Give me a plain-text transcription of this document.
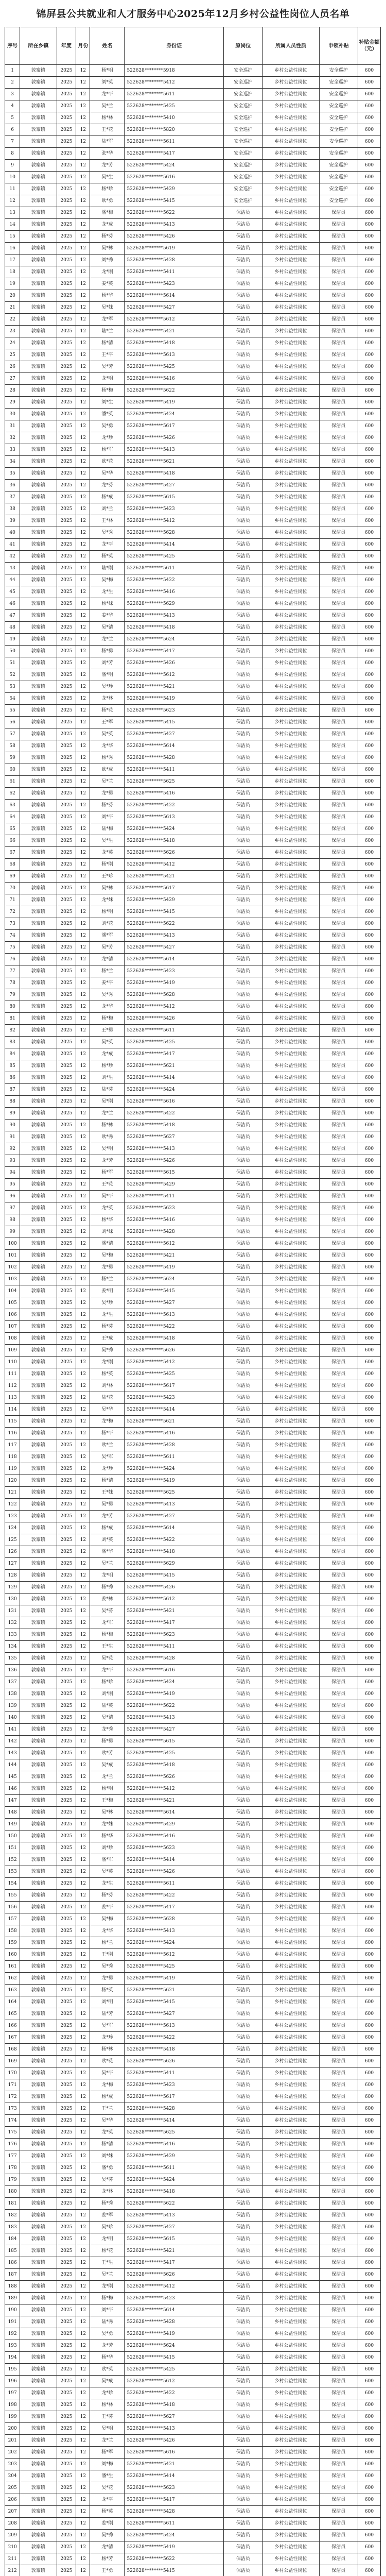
锦屏县公共就业和人才服务中心2025年12月乡村公益性岗位人员名单
序号	所在乡镇	年度	月份	姓名	身份证	原岗位	所属人员性质	申领补贴	补贴金额（元）
1	敦寨镇	2025	12	杨*明	522628********5918	安全巡护	乡村公益性岗位	安全巡护	600
2	敦寨镇	2025	12	刘*英	522628********5412	安全巡护	乡村公益性岗位	安全巡护	600
3	敦寨镇	2025	12	龙*平	522628********5611	安全巡护	乡村公益性岗位	安全巡护	600
4	敦寨镇	2025	12	吴*兰	522628********5425	安全巡护	乡村公益性岗位	安全巡护	600
5	敦寨镇	2025	12	杨*林	522628********5410	安全巡护	乡村公益性岗位	安全巡护	600
6	敦寨镇	2025	12	王*花	522628********5820	安全巡护	乡村公益性岗位	安全巡护	600
7	敦寨镇	2025	12	陆*军	522628********5611	安全巡护	乡村公益性岗位	安全巡护	600
8	敦寨镇	2025	12	张*华	522628********5417	安全巡护	乡村公益性岗位	安全巡护	600
9	敦寨镇	2025	12	龙*芳	522628********5424	安全巡护	乡村公益性岗位	安全巡护	600
10	敦寨镇	2025	12	吴*生	522628********5616	安全巡护	乡村公益性岗位	安全巡护	600
11	敦寨镇	2025	12	杨*珍	522628********5429	安全巡护	乡村公益性岗位	安全巡护	600
12	敦寨镇	2025	12	欧*勇	522628********5415	安全巡护	乡村公益性岗位	安全巡护	600
13	敦寨镇	2025	12	潘*梅	522628********5622	保洁员	乡村公益性岗位	保洁员	600
14	敦寨镇	2025	12	龙*成	522628********5413	保洁员	乡村公益性岗位	保洁员	600
15	敦寨镇	2025	12	杨*芬	522628********5426	保洁员	乡村公益性岗位	保洁员	600
16	敦寨镇	2025	12	吴*林	522628********5619	保洁员	乡村公益性岗位	保洁员	600
17	敦寨镇	2025	12	刘*秀	522628********5428	保洁员	乡村公益性岗位	保洁员	600
18	敦寨镇	2025	12	龙*刚	522628********5411	保洁员	乡村公益性岗位	保洁员	600
19	敦寨镇	2025	12	姜*英	522628********5423	保洁员	乡村公益性岗位	保洁员	600
20	敦寨镇	2025	12	杨*华	522628********5614	保洁员	乡村公益性岗位	保洁员	600
21	敦寨镇	2025	12	吴*妹	522628********5427	保洁员	乡村公益性岗位	保洁员	600
22	敦寨镇	2025	12	龙*军	522628********5612	保洁员	乡村公益性岗位	保洁员	600
23	敦寨镇	2025	12	陆*兰	522628********5421	保洁员	乡村公益性岗位	保洁员	600
24	敦寨镇	2025	12	杨*清	522628********5418	保洁员	乡村公益性岗位	保洁员	600
25	敦寨镇	2025	12	王*平	522628********5613	保洁员	乡村公益性岗位	保洁员	600
26	敦寨镇	2025	12	吴*芳	522628********5425	保洁员	乡村公益性岗位	保洁员	600
27	敦寨镇	2025	12	龙*明	522628********5416	保洁员	乡村公益性岗位	保洁员	600
28	敦寨镇	2025	12	杨*梅	522628********5622	保洁员	乡村公益性岗位	保洁员	600
29	敦寨镇	2025	12	刘*生	522628********5419	保洁员	乡村公益性岗位	保洁员	600
30	敦寨镇	2025	12	潘*英	522628********5424	保洁员	乡村公益性岗位	保洁员	600
31	敦寨镇	2025	12	吴*勇	522628********5617	保洁员	乡村公益性岗位	保洁员	600
32	敦寨镇	2025	12	龙*珍	522628********5426	保洁员	乡村公益性岗位	保洁员	600
33	敦寨镇	2025	12	杨*军	522628********5413	保洁员	乡村公益性岗位	保洁员	600
34	敦寨镇	2025	12	欧*花	522628********5621	保洁员	乡村公益性岗位	保洁员	600
35	敦寨镇	2025	12	吴*华	522628********5418	保洁员	乡村公益性岗位	保洁员	600
36	敦寨镇	2025	12	龙*芬	522628********5427	保洁员	乡村公益性岗位	保洁员	600
37	敦寨镇	2025	12	杨*成	522628********5615	保洁员	乡村公益性岗位	保洁员	600
38	敦寨镇	2025	12	刘*兰	522628********5423	保洁员	乡村公益性岗位	保洁员	600
39	敦寨镇	2025	12	王*林	522628********5412	保洁员	乡村公益性岗位	保洁员	600
40	敦寨镇	2025	12	吴*秀	522628********5628	保洁员	乡村公益性岗位	保洁员	600
41	敦寨镇	2025	12	龙*平	522628********5414	保洁员	乡村公益性岗位	保洁员	600
42	敦寨镇	2025	12	杨*英	522628********5425	保洁员	乡村公益性岗位	保洁员	600
43	敦寨镇	2025	12	陆*刚	522628********5611	保洁员	乡村公益性岗位	保洁员	600
44	敦寨镇	2025	12	吴*梅	522628********5422	保洁员	乡村公益性岗位	保洁员	600
45	敦寨镇	2025	12	龙*生	522628********5416	保洁员	乡村公益性岗位	保洁员	600
46	敦寨镇	2025	12	杨*妹	522628********5629	保洁员	乡村公益性岗位	保洁员	600
47	敦寨镇	2025	12	姜*华	522628********5413	保洁员	乡村公益性岗位	保洁员	600
48	敦寨镇	2025	12	吴*清	522628********5418	保洁员	乡村公益性岗位	保洁员	600
49	敦寨镇	2025	12	龙*兰	522628********5624	保洁员	乡村公益性岗位	保洁员	600
50	敦寨镇	2025	12	杨*勇	522628********5417	保洁员	乡村公益性岗位	保洁员	600
51	敦寨镇	2025	12	刘*芳	522628********5426	保洁员	乡村公益性岗位	保洁员	600
52	敦寨镇	2025	12	潘*明	522628********5612	保洁员	乡村公益性岗位	保洁员	600
53	敦寨镇	2025	12	吴*珍	522628********5421	保洁员	乡村公益性岗位	保洁员	600
54	敦寨镇	2025	12	龙*林	522628********5419	保洁员	乡村公益性岗位	保洁员	600
55	敦寨镇	2025	12	杨*花	522628********5623	保洁员	乡村公益性岗位	保洁员	600
56	敦寨镇	2025	12	王*军	522628********5415	保洁员	乡村公益性岗位	保洁员	600
57	敦寨镇	2025	12	吴*英	522628********5427	保洁员	乡村公益性岗位	保洁员	600
58	敦寨镇	2025	12	龙*华	522628********5614	保洁员	乡村公益性岗位	保洁员	600
59	敦寨镇	2025	12	杨*秀	522628********5428	保洁员	乡村公益性岗位	保洁员	600
60	敦寨镇	2025	12	欧*成	522628********5411	保洁员	乡村公益性岗位	保洁员	600
61	敦寨镇	2025	12	吴*兰	522628********5625	保洁员	乡村公益性岗位	保洁员	600
62	敦寨镇	2025	12	龙*勇	522628********5416	保洁员	乡村公益性岗位	保洁员	600
63	敦寨镇	2025	12	杨*芬	522628********5422	保洁员	乡村公益性岗位	保洁员	600
64	敦寨镇	2025	12	刘*平	522628********5613	保洁员	乡村公益性岗位	保洁员	600
65	敦寨镇	2025	12	陆*梅	522628********5424	保洁员	乡村公益性岗位	保洁员	600
66	敦寨镇	2025	12	吴*生	522628********5418	保洁员	乡村公益性岗位	保洁员	600
67	敦寨镇	2025	12	龙*英	522628********5626	保洁员	乡村公益性岗位	保洁员	600
68	敦寨镇	2025	12	杨*刚	522628********5412	保洁员	乡村公益性岗位	保洁员	600
69	敦寨镇	2025	12	王*珍	522628********5421	保洁员	乡村公益性岗位	保洁员	600
70	敦寨镇	2025	12	吴*林	522628********5617	保洁员	乡村公益性岗位	保洁员	600
71	敦寨镇	2025	12	龙*妹	522628********5429	保洁员	乡村公益性岗位	保洁员	600
72	敦寨镇	2025	12	杨*明	522628********5415	保洁员	乡村公益性岗位	保洁员	600
73	敦寨镇	2025	12	刘*花	522628********5622	保洁员	乡村公益性岗位	保洁员	600
74	敦寨镇	2025	12	潘*军	522628********5413	保洁员	乡村公益性岗位	保洁员	600
75	敦寨镇	2025	12	吴*芳	522628********5427	保洁员	乡村公益性岗位	保洁员	600
76	敦寨镇	2025	12	龙*清	522628********5614	保洁员	乡村公益性岗位	保洁员	600
77	敦寨镇	2025	12	杨*兰	522628********5423	保洁员	乡村公益性岗位	保洁员	600
78	敦寨镇	2025	12	姜*平	522628********5419	保洁员	乡村公益性岗位	保洁员	600
79	敦寨镇	2025	12	吴*秀	522628********5628	保洁员	乡村公益性岗位	保洁员	600
80	敦寨镇	2025	12	龙*华	522628********5412	保洁员	乡村公益性岗位	保洁员	600
81	敦寨镇	2025	12	杨*梅	522628********5426	保洁员	乡村公益性岗位	保洁员	600
82	敦寨镇	2025	12	王*勇	522628********5611	保洁员	乡村公益性岗位	保洁员	600
83	敦寨镇	2025	12	吴*英	522628********5425	保洁员	乡村公益性岗位	保洁员	600
84	敦寨镇	2025	12	龙*成	522628********5417	保洁员	乡村公益性岗位	保洁员	600
85	敦寨镇	2025	12	杨*珍	522628********5621	保洁员	乡村公益性岗位	保洁员	600
86	敦寨镇	2025	12	刘*生	522628********5414	保洁员	乡村公益性岗位	保洁员	600
87	敦寨镇	2025	12	陆*芬	522628********5424	保洁员	乡村公益性岗位	保洁员	600
88	敦寨镇	2025	12	吴*刚	522628********5616	保洁员	乡村公益性岗位	保洁员	600
89	敦寨镇	2025	12	龙*兰	522628********5422	保洁员	乡村公益性岗位	保洁员	600
90	敦寨镇	2025	12	杨*林	522628********5418	保洁员	乡村公益性岗位	保洁员	600
91	敦寨镇	2025	12	欧*秀	522628********5627	保洁员	乡村公益性岗位	保洁员	600
92	敦寨镇	2025	12	吴*明	522628********5413	保洁员	乡村公益性岗位	保洁员	600
93	敦寨镇	2025	12	龙*芳	522628********5426	保洁员	乡村公益性岗位	保洁员	600
94	敦寨镇	2025	12	杨*军	522628********5615	保洁员	乡村公益性岗位	保洁员	600
95	敦寨镇	2025	12	王*花	522628********5429	保洁员	乡村公益性岗位	保洁员	600
96	敦寨镇	2025	12	吴*平	522628********5411	保洁员	乡村公益性岗位	保洁员	600
97	敦寨镇	2025	12	龙*英	522628********5623	保洁员	乡村公益性岗位	保洁员	600
98	敦寨镇	2025	12	杨*华	522628********5416	保洁员	乡村公益性岗位	保洁员	600
99	敦寨镇	2025	12	刘*妹	522628********5428	保洁员	乡村公益性岗位	保洁员	600
100	敦寨镇	2025	12	潘*清	522628********5612	保洁员	乡村公益性岗位	保洁员	600
101	敦寨镇	2025	12	吴*梅	522628********5421	保洁员	乡村公益性岗位	保洁员	600
102	敦寨镇	2025	12	龙*勇	522628********5419	保洁员	乡村公益性岗位	保洁员	600
103	敦寨镇	2025	12	杨*兰	522628********5624	保洁员	乡村公益性岗位	保洁员	600
104	敦寨镇	2025	12	姜*明	522628********5415	保洁员	乡村公益性岗位	保洁员	600
105	敦寨镇	2025	12	吴*珍	522628********5427	保洁员	乡村公益性岗位	保洁员	600
106	敦寨镇	2025	12	龙*生	522628********5613	保洁员	乡村公益性岗位	保洁员	600
107	敦寨镇	2025	12	杨*芬	522628********5422	保洁员	乡村公益性岗位	保洁员	600
108	敦寨镇	2025	12	王*成	522628********5418	保洁员	乡村公益性岗位	保洁员	600
109	敦寨镇	2025	12	吴*秀	522628********5626	保洁员	乡村公益性岗位	保洁员	600
110	敦寨镇	2025	12	龙*刚	522628********5412	保洁员	乡村公益性岗位	保洁员	600
111	敦寨镇	2025	12	杨*英	522628********5425	保洁员	乡村公益性岗位	保洁员	600
112	敦寨镇	2025	12	刘*林	522628********5617	保洁员	乡村公益性岗位	保洁员	600
113	敦寨镇	2025	12	陆*花	522628********5423	保洁员	乡村公益性岗位	保洁员	600
114	敦寨镇	2025	12	吴*华	522628********5414	保洁员	乡村公益性岗位	保洁员	600
115	敦寨镇	2025	12	龙*梅	522628********5621	保洁员	乡村公益性岗位	保洁员	600
116	敦寨镇	2025	12	杨*平	522628********5416	保洁员	乡村公益性岗位	保洁员	600
117	敦寨镇	2025	12	欧*兰	522628********5428	保洁员	乡村公益性岗位	保洁员	600
118	敦寨镇	2025	12	吴*军	522628********5611	保洁员	乡村公益性岗位	保洁员	600
119	敦寨镇	2025	12	龙*珍	522628********5424	保洁员	乡村公益性岗位	保洁员	600
120	敦寨镇	2025	12	杨*清	522628********5419	保洁员	乡村公益性岗位	保洁员	600
121	敦寨镇	2025	12	王*妹	522628********5625	保洁员	乡村公益性岗位	保洁员	600
122	敦寨镇	2025	12	吴*勇	522628********5413	保洁员	乡村公益性岗位	保洁员	600
123	敦寨镇	2025	12	龙*芳	522628********5427	保洁员	乡村公益性岗位	保洁员	600
124	敦寨镇	2025	12	杨*成	522628********5614	保洁员	乡村公益性岗位	保洁员	600
125	敦寨镇	2025	12	刘*英	522628********5422	保洁员	乡村公益性岗位	保洁员	600
126	敦寨镇	2025	12	潘*华	522628********5418	保洁员	乡村公益性岗位	保洁员	600
127	敦寨镇	2025	12	吴*兰	522628********5629	保洁员	乡村公益性岗位	保洁员	600
128	敦寨镇	2025	12	龙*明	522628********5415	保洁员	乡村公益性岗位	保洁员	600
129	敦寨镇	2025	12	杨*秀	522628********5426	保洁员	乡村公益性岗位	保洁员	600
130	敦寨镇	2025	12	姜*林	522628********5612	保洁员	乡村公益性岗位	保洁员	600
131	敦寨镇	2025	12	吴*芬	522628********5421	保洁员	乡村公益性岗位	保洁员	600
132	敦寨镇	2025	12	龙*军	522628********5417	保洁员	乡村公益性岗位	保洁员	600
133	敦寨镇	2025	12	杨*梅	522628********5623	保洁员	乡村公益性岗位	保洁员	600
134	敦寨镇	2025	12	王*生	522628********5411	保洁员	乡村公益性岗位	保洁员	600
135	敦寨镇	2025	12	吴*花	522628********5428	保洁员	乡村公益性岗位	保洁员	600
136	敦寨镇	2025	12	龙*平	522628********5616	保洁员	乡村公益性岗位	保洁员	600
137	敦寨镇	2025	12	杨*珍	522628********5424	保洁员	乡村公益性岗位	保洁员	600
138	敦寨镇	2025	12	刘*刚	522628********5419	保洁员	乡村公益性岗位	保洁员	600
139	敦寨镇	2025	12	陆*英	522628********5622	保洁员	乡村公益性岗位	保洁员	600
140	敦寨镇	2025	12	吴*清	522628********5413	保洁员	乡村公益性岗位	保洁员	600
141	敦寨镇	2025	12	龙*秀	522628********5427	保洁员	乡村公益性岗位	保洁员	600
142	敦寨镇	2025	12	杨*勇	522628********5615	保洁员	乡村公益性岗位	保洁员	600
143	敦寨镇	2025	12	欧*芳	522628********5425	保洁员	乡村公益性岗位	保洁员	600
144	敦寨镇	2025	12	吴*成	522628********5418	保洁员	乡村公益性岗位	保洁员	600
145	敦寨镇	2025	12	龙*兰	522628********5626	保洁员	乡村公益性岗位	保洁员	600
146	敦寨镇	2025	12	杨*明	522628********5412	保洁员	乡村公益性岗位	保洁员	600
147	敦寨镇	2025	12	王*梅	522628********5421	保洁员	乡村公益性岗位	保洁员	600
148	敦寨镇	2025	12	吴*林	522628********5614	保洁员	乡村公益性岗位	保洁员	600
149	敦寨镇	2025	12	龙*妹	522628********5429	保洁员	乡村公益性岗位	保洁员	600
150	敦寨镇	2025	12	杨*华	522628********5416	保洁员	乡村公益性岗位	保洁员	600
151	敦寨镇	2025	12	刘*珍	522628********5623	保洁员	乡村公益性岗位	保洁员	600
152	敦寨镇	2025	12	潘*军	522628********5414	保洁员	乡村公益性岗位	保洁员	600
153	敦寨镇	2025	12	吴*英	522628********5426	保洁员	乡村公益性岗位	保洁员	600
154	敦寨镇	2025	12	龙*生	522628********5611	保洁员	乡村公益性岗位	保洁员	600
155	敦寨镇	2025	12	杨*芬	522628********5422	保洁员	乡村公益性岗位	保洁员	600
156	敦寨镇	2025	12	姜*平	522628********5417	保洁员	乡村公益性岗位	保洁员	600
157	敦寨镇	2025	12	吴*梅	522628********5628	保洁员	乡村公益性岗位	保洁员	600
158	敦寨镇	2025	12	龙*华	522628********5413	保洁员	乡村公益性岗位	保洁员	600
159	敦寨镇	2025	12	杨*兰	522628********5424	保洁员	乡村公益性岗位	保洁员	600
160	敦寨镇	2025	12	王*刚	522628********5612	保洁员	乡村公益性岗位	保洁员	600
161	敦寨镇	2025	12	吴*秀	522628********5425	保洁员	乡村公益性岗位	保洁员	600
162	敦寨镇	2025	12	龙*勇	522628********5419	保洁员	乡村公益性岗位	保洁员	600
163	敦寨镇	2025	12	杨*英	522628********5621	保洁员	乡村公益性岗位	保洁员	600
164	敦寨镇	2025	12	刘*明	522628********5415	保洁员	乡村公益性岗位	保洁员	600
165	敦寨镇	2025	12	陆*芳	522628********5427	保洁员	乡村公益性岗位	保洁员	600
166	敦寨镇	2025	12	吴*军	522628********5613	保洁员	乡村公益性岗位	保洁员	600
167	敦寨镇	2025	12	龙*珍	522628********5422	保洁员	乡村公益性岗位	保洁员	600
168	敦寨镇	2025	12	杨*林	522628********5418	保洁员	乡村公益性岗位	保洁员	600
169	敦寨镇	2025	12	欧*花	522628********5626	保洁员	乡村公益性岗位	保洁员	600
170	敦寨镇	2025	12	吴*平	522628********5411	保洁员	乡村公益性岗位	保洁员	600
171	敦寨镇	2025	12	龙*梅	522628********5423	保洁员	乡村公益性岗位	保洁员	600
172	敦寨镇	2025	12	杨*成	522628********5617	保洁员	乡村公益性岗位	保洁员	600
173	敦寨镇	2025	12	王*兰	522628********5428	保洁员	乡村公益性岗位	保洁员	600
174	敦寨镇	2025	12	吴*华	522628********5414	保洁员	乡村公益性岗位	保洁员	600
175	敦寨镇	2025	12	龙*英	522628********5625	保洁员	乡村公益性岗位	保洁员	600
176	敦寨镇	2025	12	杨*清	522628********5416	保洁员	乡村公益性岗位	保洁员	600
177	敦寨镇	2025	12	刘*妹	522628********5429	保洁员	乡村公益性岗位	保洁员	600
178	敦寨镇	2025	12	潘*勇	522628********5611	保洁员	乡村公益性岗位	保洁员	600
179	敦寨镇	2025	12	吴*芬	522628********5424	保洁员	乡村公益性岗位	保洁员	600
180	敦寨镇	2025	12	龙*林	522628********5418	保洁员	乡村公益性岗位	保洁员	600
181	敦寨镇	2025	12	杨*秀	522628********5622	保洁员	乡村公益性岗位	保洁员	600
182	敦寨镇	2025	12	姜*军	522628********5413	保洁员	乡村公益性岗位	保洁员	600
183	敦寨镇	2025	12	吴*珍	522628********5427	保洁员	乡村公益性岗位	保洁员	600
184	敦寨镇	2025	12	龙*明	522628********5615	保洁员	乡村公益性岗位	保洁员	600
185	敦寨镇	2025	12	杨*花	522628********5421	保洁员	乡村公益性岗位	保洁员	600
186	敦寨镇	2025	12	王*生	522628********5417	保洁员	乡村公益性岗位	保洁员	600
187	敦寨镇	2025	12	吴*兰	522628********5626	保洁员	乡村公益性岗位	保洁员	600
188	敦寨镇	2025	12	龙*刚	522628********5412	保洁员	乡村公益性岗位	保洁员	600
189	敦寨镇	2025	12	杨*梅	522628********5423	保洁员	乡村公益性岗位	保洁员	600
190	敦寨镇	2025	12	刘*平	522628********5614	保洁员	乡村公益性岗位	保洁员	600
191	敦寨镇	2025	12	陆*秀	522628********5428	保洁员	乡村公益性岗位	保洁员	600
192	敦寨镇	2025	12	吴*勇	522628********5419	保洁员	乡村公益性岗位	保洁员	600
193	敦寨镇	2025	12	龙*芳	522628********5624	保洁员	乡村公益性岗位	保洁员	600
194	敦寨镇	2025	12	杨*华	522628********5415	保洁员	乡村公益性岗位	保洁员	600
195	敦寨镇	2025	12	欧*英	522628********5425	保洁员	乡村公益性岗位	保洁员	600
196	敦寨镇	2025	12	吴*成	522628********5612	保洁员	乡村公益性岗位	保洁员	600
197	敦寨镇	2025	12	龙*珍	522628********5422	保洁员	乡村公益性岗位	保洁员	600
198	敦寨镇	2025	12	杨*林	522628********5418	保洁员	乡村公益性岗位	保洁员	600
199	敦寨镇	2025	12	王*芬	522628********5627	保洁员	乡村公益性岗位	保洁员	600
200	敦寨镇	2025	12	吴*明	522628********5413	保洁员	乡村公益性岗位	保洁员	600
201	敦寨镇	2025	12	龙*兰	522628********5426	保洁员	乡村公益性岗位	保洁员	600
202	敦寨镇	2025	12	杨*军	522628********5616	保洁员	乡村公益性岗位	保洁员	600
203	敦寨镇	2025	12	刘*梅	522628********5421	保洁员	乡村公益性岗位	保洁员	600
204	敦寨镇	2025	12	潘*生	522628********5414	保洁员	乡村公益性岗位	保洁员	600
205	敦寨镇	2025	12	吴*花	522628********5623	保洁员	乡村公益性岗位	保洁员	600
206	敦寨镇	2025	12	龙*平	522628********5417	保洁员	乡村公益性岗位	保洁员	600
207	敦寨镇	2025	12	杨*英	522628********5428	保洁员	乡村公益性岗位	保洁员	600
208	敦寨镇	2025	12	姜*刚	522628********5611	保洁员	乡村公益性岗位	保洁员	600
209	敦寨镇	2025	12	吴*秀	522628********5424	保洁员	乡村公益性岗位	保洁员	600
210	敦寨镇	2025	12	龙*清	522628********5419	保洁员	乡村公益性岗位	保洁员	600
211	敦寨镇	2025	12	杨*芳	522628********5622	保洁员	乡村公益性岗位	保洁员	600
212	敦寨镇	2025	12	王*勇	522628********5415	保洁员	乡村公益性岗位	保洁员	600
